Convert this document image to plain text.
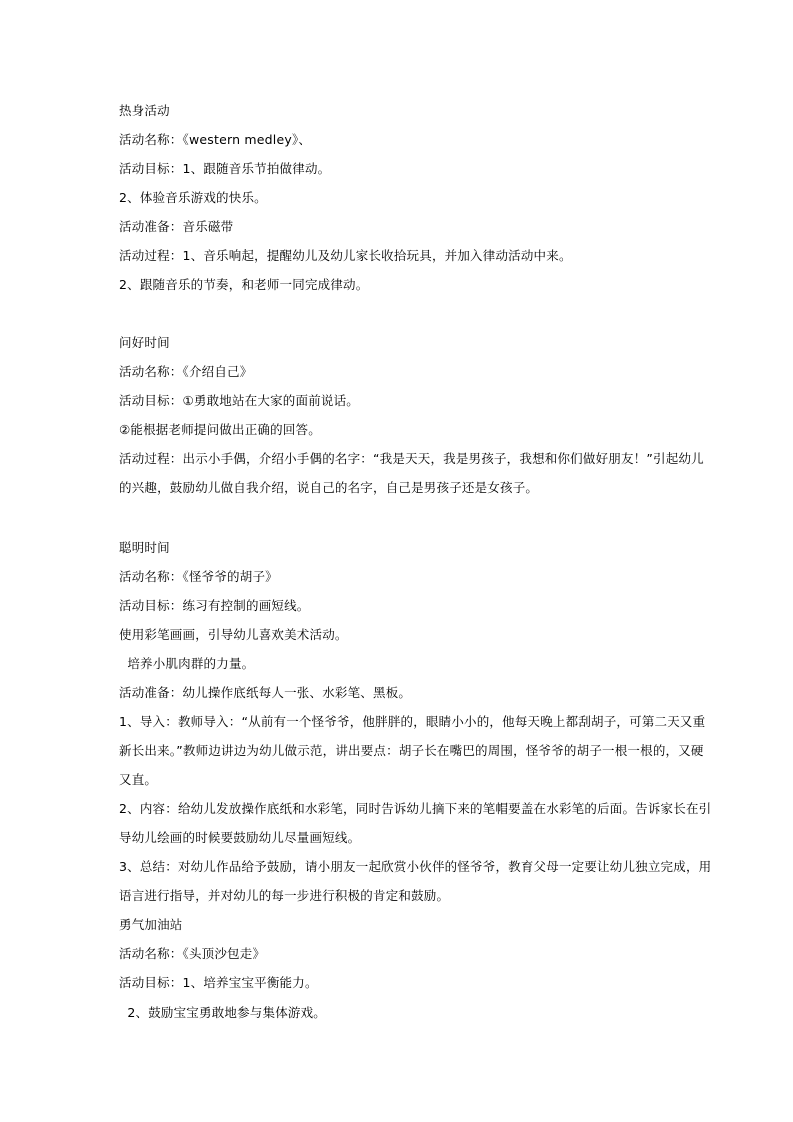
热身活动
活动名称：《western medley》、
活动目标：1、跟随音乐节拍做律动。
2、体验音乐游戏的快乐。
活动准备：音乐磁带
活动过程：1、音乐响起，提醒幼儿及幼儿家长收拾玩具，并加入律动活动中来。
2、跟随音乐的节奏，和老师一同完成律动。
问好时间
活动名称：《介绍自己》
活动目标：①勇敢地站在大家的面前说话。
②能根据老师提问做出正确的回答。
活动过程：出示小手偶，介绍小手偶的名字：“我是天天，我是男孩子，我想和你们做好朋友！”引起幼儿
的兴趣，鼓励幼儿做自我介绍，说自己的名字，自己是男孩子还是女孩子。
聪明时间
活动名称：《怪爷爷的胡子》
活动目标：练习有控制的画短线。
使用彩笔画画，引导幼儿喜欢美术活动。
培养小肌肉群的力量。
活动准备：幼儿操作底纸每人一张、水彩笔、黑板。
1、导入：教师导入：“从前有一个怪爷爷，他胖胖的，眼睛小小的，他每天晚上都刮胡子，可第二天又重
新长出来。”教师边讲边为幼儿做示范，讲出要点：胡子长在嘴巴的周围，怪爷爷的胡子一根一根的，又硬
又直。
2、内容：给幼儿发放操作底纸和水彩笔，同时告诉幼儿摘下来的笔帽要盖在水彩笔的后面。告诉家长在引
导幼儿绘画的时候要鼓励幼儿尽量画短线。
3、总结：对幼儿作品给予鼓励，请小朋友一起欣赏小伙伴的怪爷爷，教育父母一定要让幼儿独立完成，用
语言进行指导，并对幼儿的每一步进行积极的肯定和鼓励。
勇气加油站
活动名称：《头顶沙包走》
活动目标：1、培养宝宝平衡能力。
2、鼓励宝宝勇敢地参与集体游戏。
